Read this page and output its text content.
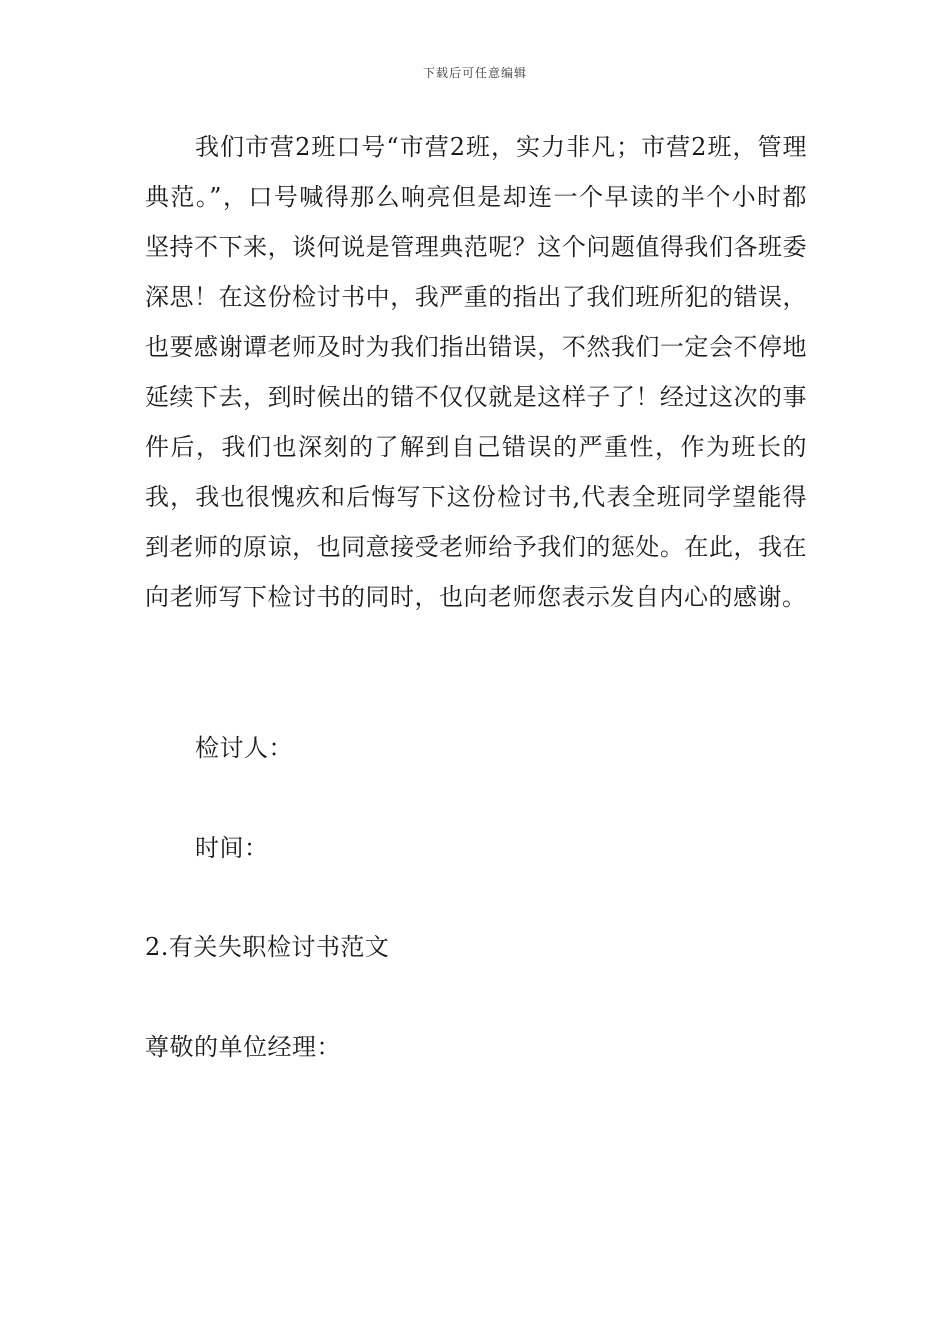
下载后可任意编辑

我们市营2班口号“市营2班，实力非凡；市营2班，管理典范。”，口号喊得那么响亮但是却连一个早读的半个小时都坚持不下来，谈何说是管理典范呢？这个问题值得我们各班委深思！在这份检讨书中，我严重的指出了我们班所犯的错误，也要感谢谭老师及时为我们指出错误，不然我们一定会不停地延续下去，到时候出的错不仅仅就是这样子了！经过这次的事件后，我们也深刻的了解到自己错误的严重性，作为班长的我，我也很愧疚和后悔写下这份检讨书,代表全班同学望能得到老师的原谅，也同意接受老师给予我们的惩处。在此，我在向老师写下检讨书的同时，也向老师您表示发自内心的感谢。

检讨人：
时间：
2.有关失职检讨书范文
尊敬的单位经理：
